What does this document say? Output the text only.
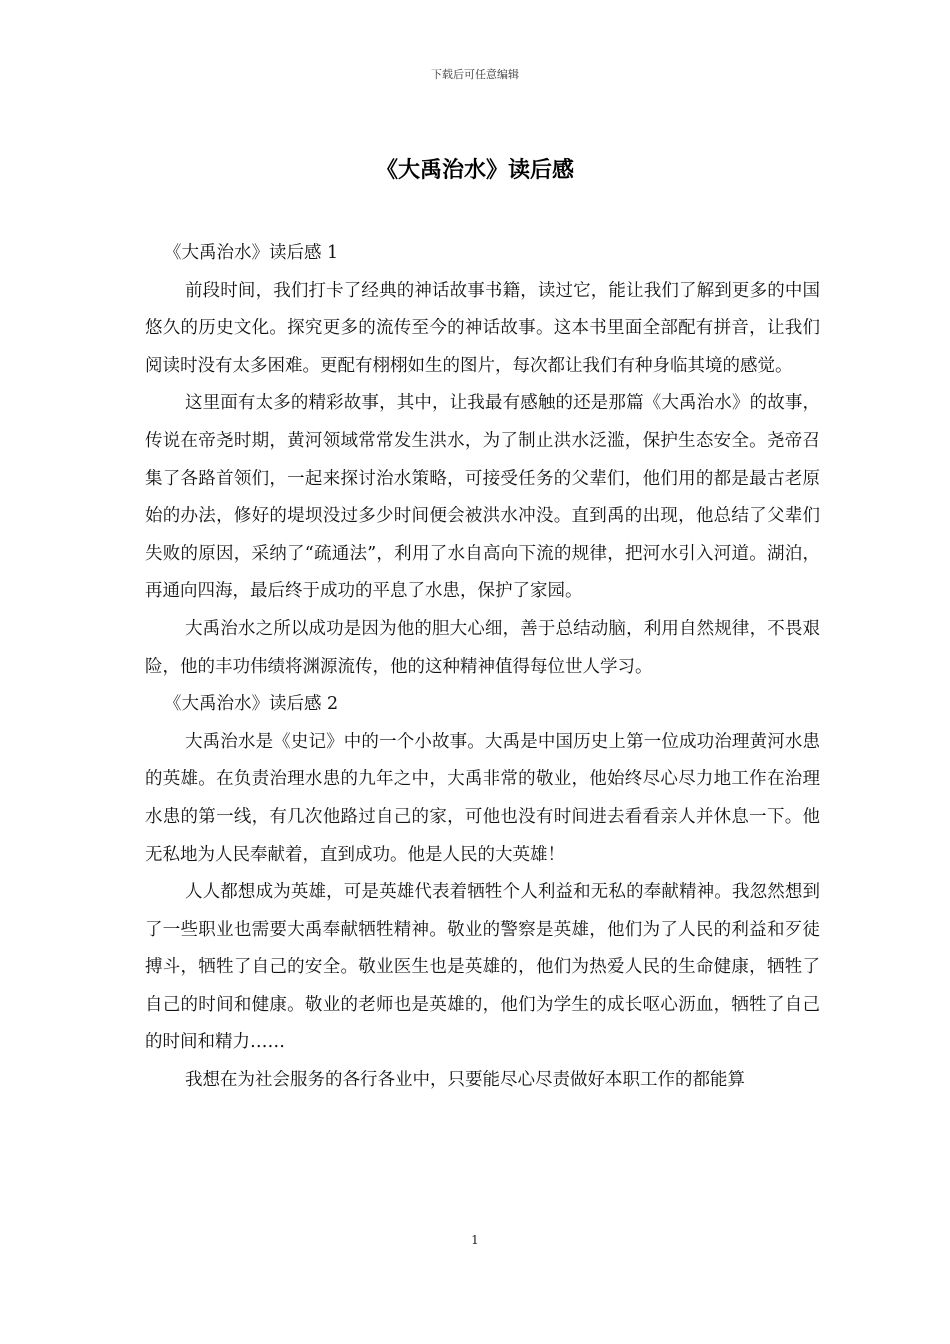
下载后可任意编辑
《大禹治水》读后感

《大禹治水》读后感 1

前段时间，我们打卡了经典的神话故事书籍，读过它，能让我们了解到更多的中国悠久的历史文化。探究更多的流传至今的神话故事。这本书里面全部配有拼音，让我们阅读时没有太多困难。更配有栩栩如生的图片，每次都让我们有种身临其境的感觉。

这里面有太多的精彩故事，其中，让我最有感触的还是那篇《大禹治水》的故事，传说在帝尧时期，黄河领域常常发生洪水，为了制止洪水泛滥，保护生态安全。尧帝召集了各路首领们，一起来探讨治水策略，可接受任务的父辈们，他们用的都是最古老原始的办法，修好的堤坝没过多少时间便会被洪水冲没。直到禹的出现，他总结了父辈们失败的原因，采纳了“疏通法”，利用了水自高向下流的规律，把河水引入河道。湖泊，再通向四海，最后终于成功的平息了水患，保护了家园。

大禹治水之所以成功是因为他的胆大心细，善于总结动脑，利用自然规律，不畏艰险，他的丰功伟绩将渊源流传，他的这种精神值得每位世人学习。

《大禹治水》读后感 2

大禹治水是《史记》中的一个小故事。大禹是中国历史上第一位成功治理黄河水患的英雄。在负责治理水患的九年之中，大禹非常的敬业，他始终尽心尽力地工作在治理水患的第一线，有几次他路过自己的家，可他也没有时间进去看看亲人并休息一下。他无私地为人民奉献着，直到成功。他是人民的大英雄！

人人都想成为英雄，可是英雄代表着牺牲个人利益和无私的奉献精神。我忽然想到了一些职业也需要大禹奉献牺牲精神。敬业的警察是英雄，他们为了人民的利益和歹徒搏斗，牺牲了自己的安全。敬业医生也是英雄的，他们为热爱人民的生命健康，牺牲了自己的时间和健康。敬业的老师也是英雄的，他们为学生的成长呕心沥血，牺牲了自己的时间和精力……

我想在为社会服务的各行各业中，只要能尽心尽责做好本职工作的都能算

1
